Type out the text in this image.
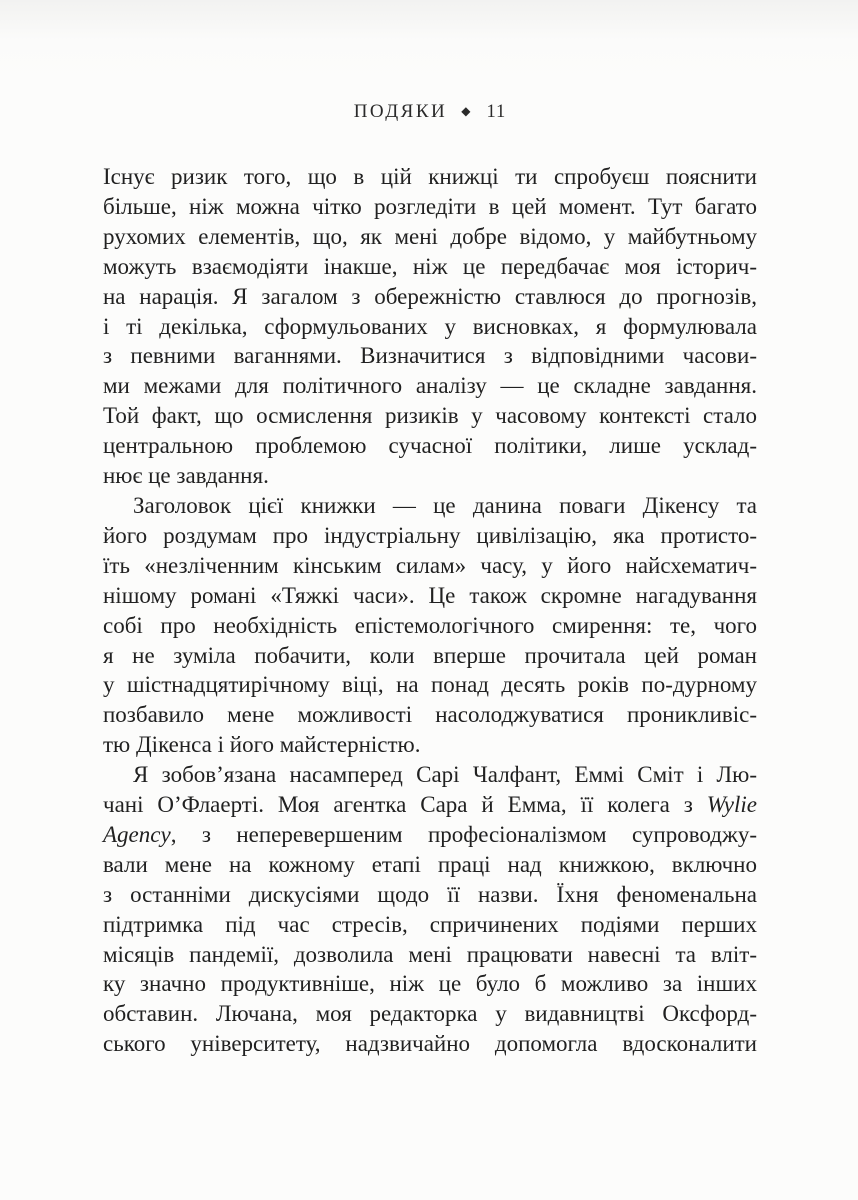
ПОДЯКИ ◆ 11
Існує ризик того, що в цій книжці ти спробуєш пояснити
більше, ніж можна чітко розгледіти в цей момент. Тут багато
рухомих елементів, що, як мені добре відомо, у майбутньому
можуть взаємодіяти інакше, ніж це передбачає моя історич-
на нарація. Я загалом з обережністю ставлюся до прогнозів,
і ті декілька, сформульованих у висновках, я формулювала
з певними ваганнями. Визначитися з відповідними часови-
ми межами для політичного аналізу — це складне завдання.
Той факт, що осмислення ризиків у часовому контексті стало
центральною проблемою сучасної політики, лише усклад-
нює це завдання.
Заголовок цієї книжки — це данина поваги Дікенсу та
його роздумам про індустріальну цивілізацію, яка протисто-
їть «незліченним кінським силам» часу, у його найсхематич-
нішому романі «Тяжкі часи». Це також скромне нагадування
собі про необхідність епістемологічного смирення: те, чого
я не зуміла побачити, коли вперше прочитала цей роман
у шістнадцятирічному віці, на понад десять років по-дурному
позбавило мене можливості насолоджуватися проникливіс-
тю Дікенса і його майстерністю.
Я зобов’язана насамперед Сарі Чалфант, Еммі Сміт і Лю-
чані О’Флаерті. Моя агентка Сара й Емма, її колега з Wylie
Agency, з неперевершеним професіоналізмом супроводжу-
вали мене на кожному етапі праці над книжкою, включно
з останніми дискусіями щодо її назви. Їхня феноменальна
підтримка під час стресів, спричинених подіями перших
місяців пандемії, дозволила мені працювати навесні та вліт-
ку значно продуктивніше, ніж це було б можливо за інших
обставин. Лючана, моя редакторка у видавництві Оксфорд-
ського університету, надзвичайно допомогла вдосконалити
